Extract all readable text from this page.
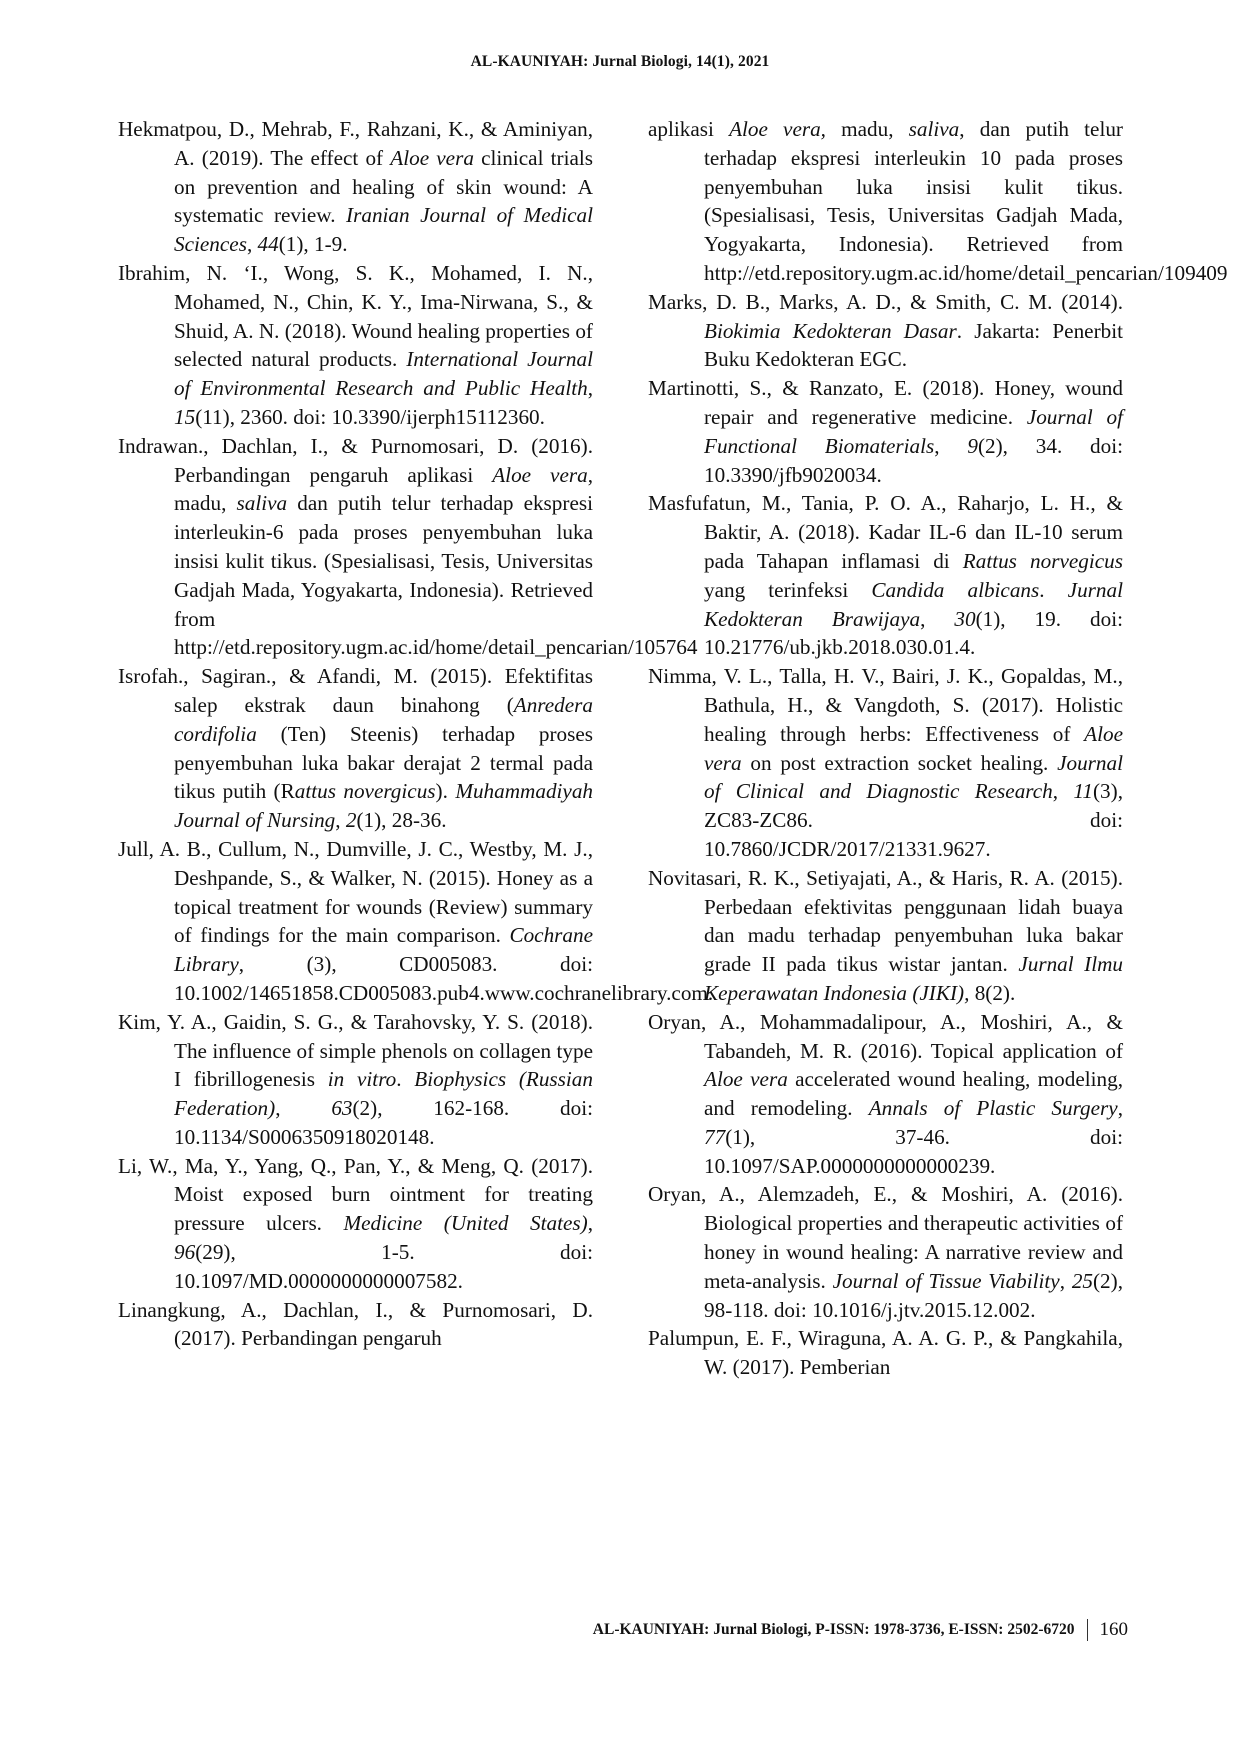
AL-KAUNIYAH: Jurnal Biologi, 14(1), 2021

Hekmatpou, D., Mehrab, F., Rahzani, K., & Aminiyan, A. (2019). The effect of Aloe vera clinical trials on prevention and healing of skin wound: A systematic review. Iranian Journal of Medical Sciences, 44(1), 1-9.

Ibrahim, N. ‘I., Wong, S. K., Mohamed, I. N., Mohamed, N., Chin, K. Y., Ima-Nirwana, S., & Shuid, A. N. (2018). Wound healing properties of selected natural products. International Journal of Environmental Research and Public Health, 15(11), 2360. doi: 10.3390/ijerph15112360.

Indrawan., Dachlan, I., & Purnomosari, D. (2016). Perbandingan pengaruh aplikasi Aloe vera, madu, saliva dan putih telur terhadap ekspresi interleukin-6 pada proses penyembuhan luka insisi kulit tikus. (Spesialisasi, Tesis, Universitas Gadjah Mada, Yogyakarta, Indonesia). Retrieved from http://etd.repository.ugm.ac.id/home/detail_pencarian/105764

Isrofah., Sagiran., & Afandi, M. (2015). Efektifitas salep ekstrak daun binahong (Anredera cordifolia (Ten) Steenis) terhadap proses penyembuhan luka bakar derajat 2 termal pada tikus putih (Rattus novergicus). Muhammadiyah Journal of Nursing, 2(1), 28-36.

Jull, A. B., Cullum, N., Dumville, J. C., Westby, M. J., Deshpande, S., & Walker, N. (2015). Honey as a topical treatment for wounds (Review) summary of findings for the main comparison. Cochrane Library, (3), CD005083. doi: 10.1002/14651858.CD005083.pub4.www.cochranelibrary.com.

Kim, Y. A., Gaidin, S. G., & Tarahovsky, Y. S. (2018). The influence of simple phenols on collagen type I fibrillogenesis in vitro. Biophysics (Russian Federation), 63(2), 162-168. doi: 10.1134/S0006350918020148.

Li, W., Ma, Y., Yang, Q., Pan, Y., & Meng, Q. (2017). Moist exposed burn ointment for treating pressure ulcers. Medicine (United States), 96(29), 1-5. doi: 10.1097/MD.0000000000007582.

Linangkung, A., Dachlan, I., & Purnomosari, D. (2017). Perbandingan pengaruh

aplikasi Aloe vera, madu, saliva, dan putih telur terhadap ekspresi interleukin 10 pada proses penyembuhan luka insisi kulit tikus. (Spesialisasi, Tesis, Universitas Gadjah Mada, Yogyakarta, Indonesia). Retrieved from http://etd.repository.ugm.ac.id/home/detail_pencarian/109409

Marks, D. B., Marks, A. D., & Smith, C. M. (2014). Biokimia Kedokteran Dasar. Jakarta: Penerbit Buku Kedokteran EGC.

Martinotti, S., & Ranzato, E. (2018). Honey, wound repair and regenerative medicine. Journal of Functional Biomaterials, 9(2), 34. doi: 10.3390/jfb9020034.

Masfufatun, M., Tania, P. O. A., Raharjo, L. H., & Baktir, A. (2018). Kadar IL-6 dan IL-10 serum pada Tahapan inflamasi di Rattus norvegicus yang terinfeksi Candida albicans. Jurnal Kedokteran Brawijaya, 30(1), 19. doi: 10.21776/ub.jkb.2018.030.01.4.

Nimma, V. L., Talla, H. V., Bairi, J. K., Gopaldas, M., Bathula, H., & Vangdoth, S. (2017). Holistic healing through herbs: Effectiveness of Aloe vera on post extraction socket healing. Journal of Clinical and Diagnostic Research, 11(3), ZC83-ZC86. doi: 10.7860/JCDR/2017/21331.9627.

Novitasari, R. K., Setiyajati, A., & Haris, R. A. (2015). Perbedaan efektivitas penggunaan lidah buaya dan madu terhadap penyembuhan luka bakar grade II pada tikus wistar jantan. Jurnal Ilmu Keperawatan Indonesia (JIKI), 8(2).

Oryan, A., Mohammadalipour, A., Moshiri, A., & Tabandeh, M. R. (2016). Topical application of Aloe vera accelerated wound healing, modeling, and remodeling. Annals of Plastic Surgery, 77(1), 37-46. doi: 10.1097/SAP.0000000000000239.

Oryan, A., Alemzadeh, E., & Moshiri, A. (2016). Biological properties and therapeutic activities of honey in wound healing: A narrative review and meta-analysis. Journal of Tissue Viability, 25(2), 98-118. doi: 10.1016/j.jtv.2015.12.002.

Palumpun, E. F., Wiraguna, A. A. G. P., & Pangkahila, W. (2017). Pemberian

AL-KAUNIYAH: Jurnal Biologi, P-ISSN: 1978-3736, E-ISSN: 2502-6720 160
